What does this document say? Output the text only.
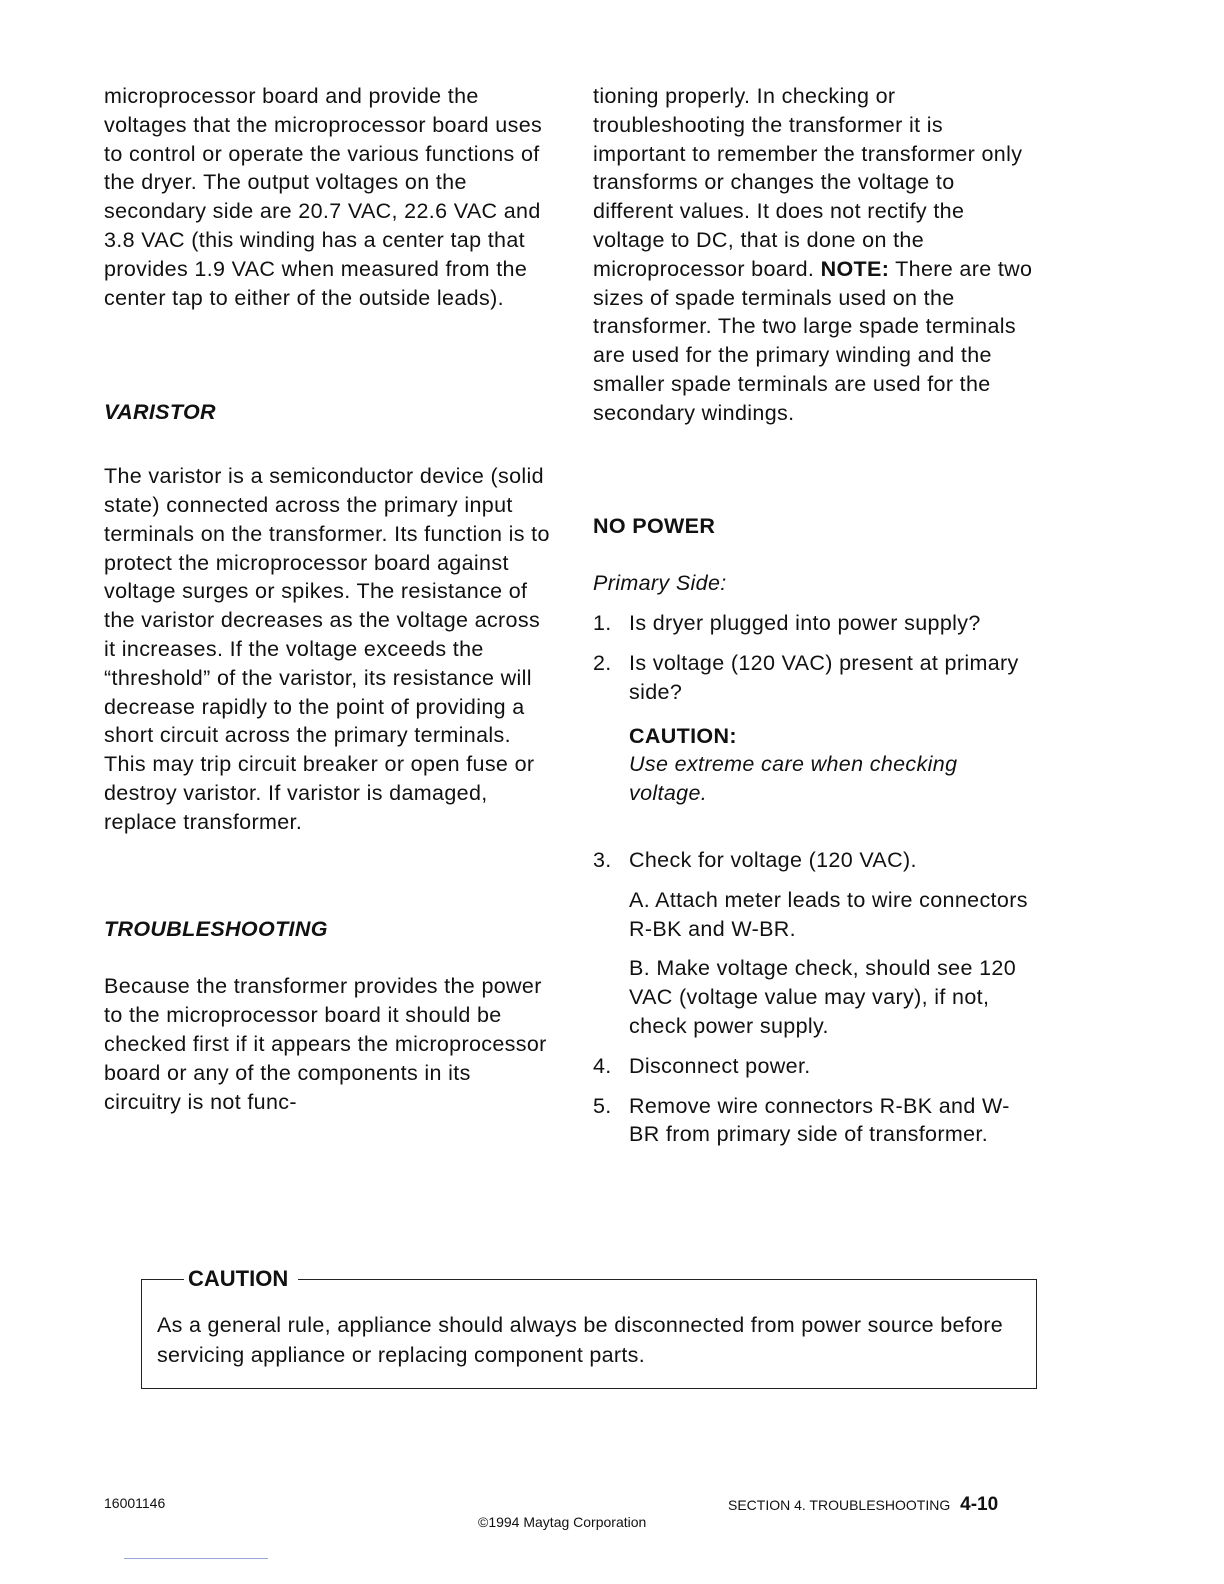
microprocessor board and provide the voltages that the microprocessor board uses to control or operate the various functions of the dryer. The output voltages on the secondary side are 20.7 VAC, 22.6 VAC and 3.8 VAC (this winding has a center tap that provides 1.9 VAC when measured from the center tap to either of the outside leads).

VARISTOR

The varistor is a semiconductor device (solid state) connected across the primary input terminals on the transformer. Its function is to protect the microprocessor board against voltage surges or spikes. The resistance of the varistor decreases as the voltage across it increases. If the voltage exceeds the “threshold” of the varistor, its resistance will decrease rapidly to the point of providing a short circuit across the primary terminals. This may trip circuit breaker or open fuse or destroy varistor. If varistor is damaged, replace transformer.

TROUBLESHOOTING

Because the transformer provides the power to the microprocessor board it should be checked first if it appears the microprocessor board or any of the components in its circuitry is not func-

tioning properly. In checking or troubleshooting the transformer it is important to remember the transformer only transforms or changes the voltage to different values. It does not rectify the voltage to DC, that is done on the microprocessor board. NOTE: There are two sizes of spade terminals used on the transformer. The two large spade terminals are used for the primary winding and the smaller spade terminals are used for the secondary windings.

NO POWER

Primary Side:

1. Is dryer plugged into power supply?
2. Is voltage (120 VAC) present at primary side?
CAUTION:
Use extreme care when checking voltage.
3. Check for voltage (120 VAC).
A. Attach meter leads to wire connectors R-BK and W-BR.
B. Make voltage check, should see 120 VAC (voltage value may vary), if not, check power supply.
4. Disconnect power.
5. Remove wire connectors R-BK and W-BR from primary side of transformer.
CAUTION
As a general rule, appliance should always be disconnected from power source before servicing appliance or replacing component parts.
16001146
©1994 Maytag Corporation
SECTION 4. TROUBLESHOOTING 4-10
